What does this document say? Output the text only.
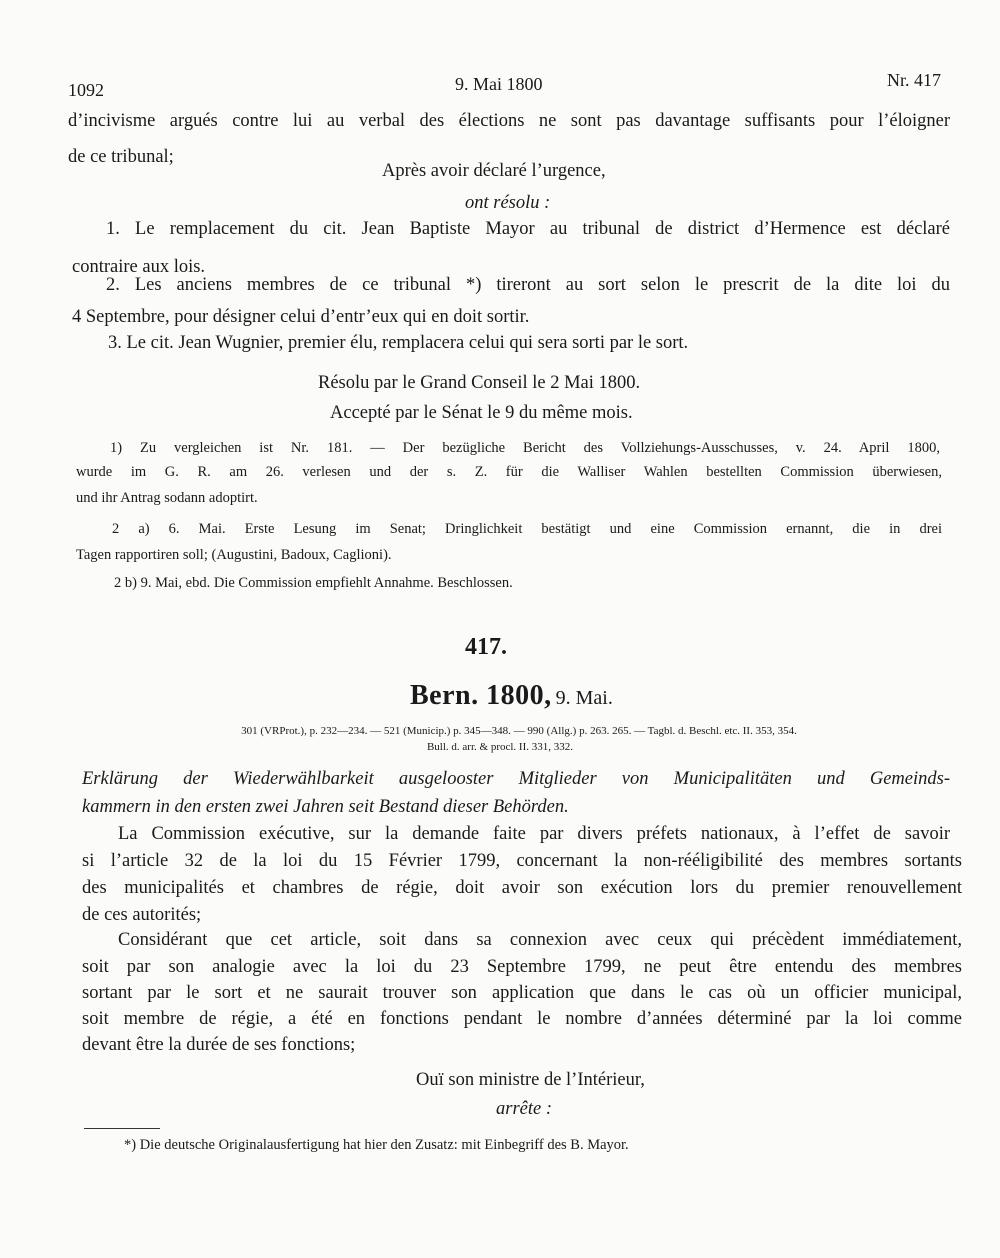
1092	9. Mai 1800	Nr. 417
d’incivisme argués contre lui au verbal des élections ne sont pas davantage suffisants pour l’éloigner
de ce tribunal;
Après avoir déclaré l’urgence,
ont résolu :
1. Le remplacement du cit. Jean Baptiste Mayor au tribunal de district d’Hermence est déclaré
contraire aux lois.
2. Les anciens membres de ce tribunal *) tireront au sort selon le prescrit de la dite loi du
4 Septembre, pour désigner celui d’entr’eux qui en doit sortir.
3. Le cit. Jean Wugnier, premier élu, remplacera celui qui sera sorti par le sort.
Résolu par le Grand Conseil le 2 Mai 1800.
Accepté par le Sénat le 9 du même mois.
1) Zu vergleichen ist Nr. 181. — Der bezügliche Bericht des Vollziehungs-Ausschusses, v. 24. April 1800,
wurde im G. R. am 26. verlesen und der s. Z. für die Walliser Wahlen bestellten Commission überwiesen,
und ihr Antrag sodann adoptirt.
2 a) 6. Mai. Erste Lesung im Senat; Dringlichkeit bestätigt und eine Commission ernannt, die in drei
Tagen rapportiren soll; (Augustini, Badoux, Caglioni).
2 b) 9. Mai, ebd. Die Commission empfiehlt Annahme. Beschlossen.
417.
Bern. 1800, 9. Mai.
301 (VRProt.), p. 232—234. — 521 (Municip.) p. 345—348. — 990 (Allg.) p. 263. 265. — Tagbl. d. Beschl. etc. II. 353, 354.
Bull. d. arr. & procl. II. 331, 332.
Erklärung der Wiederwählbarkeit ausgelooster Mitglieder von Municipalitäten und Gemeinds-
kammern in den ersten zwei Jahren seit Bestand dieser Behörden.
La Commission exécutive, sur la demande faite par divers préfets nationaux, à l’effet de savoir
si l’article 32 de la loi du 15 Février 1799, concernant la non-rééligibilité des membres sortants
des municipalités et chambres de régie, doit avoir son exécution lors du premier renouvellement
de ces autorités;
Considérant que cet article, soit dans sa connexion avec ceux qui précèdent immédiatement,
soit par son analogie avec la loi du 23 Septembre 1799, ne peut être entendu des membres
sortant par le sort et ne saurait trouver son application que dans le cas où un officier municipal,
soit membre de régie, a été en fonctions pendant le nombre d’années déterminé par la loi comme
devant être la durée de ses fonctions;
Ouï son ministre de l’Intérieur,
arrête :
*) Die deutsche Originalausfertigung hat hier den Zusatz: mit Einbegriff des B. Mayor.
